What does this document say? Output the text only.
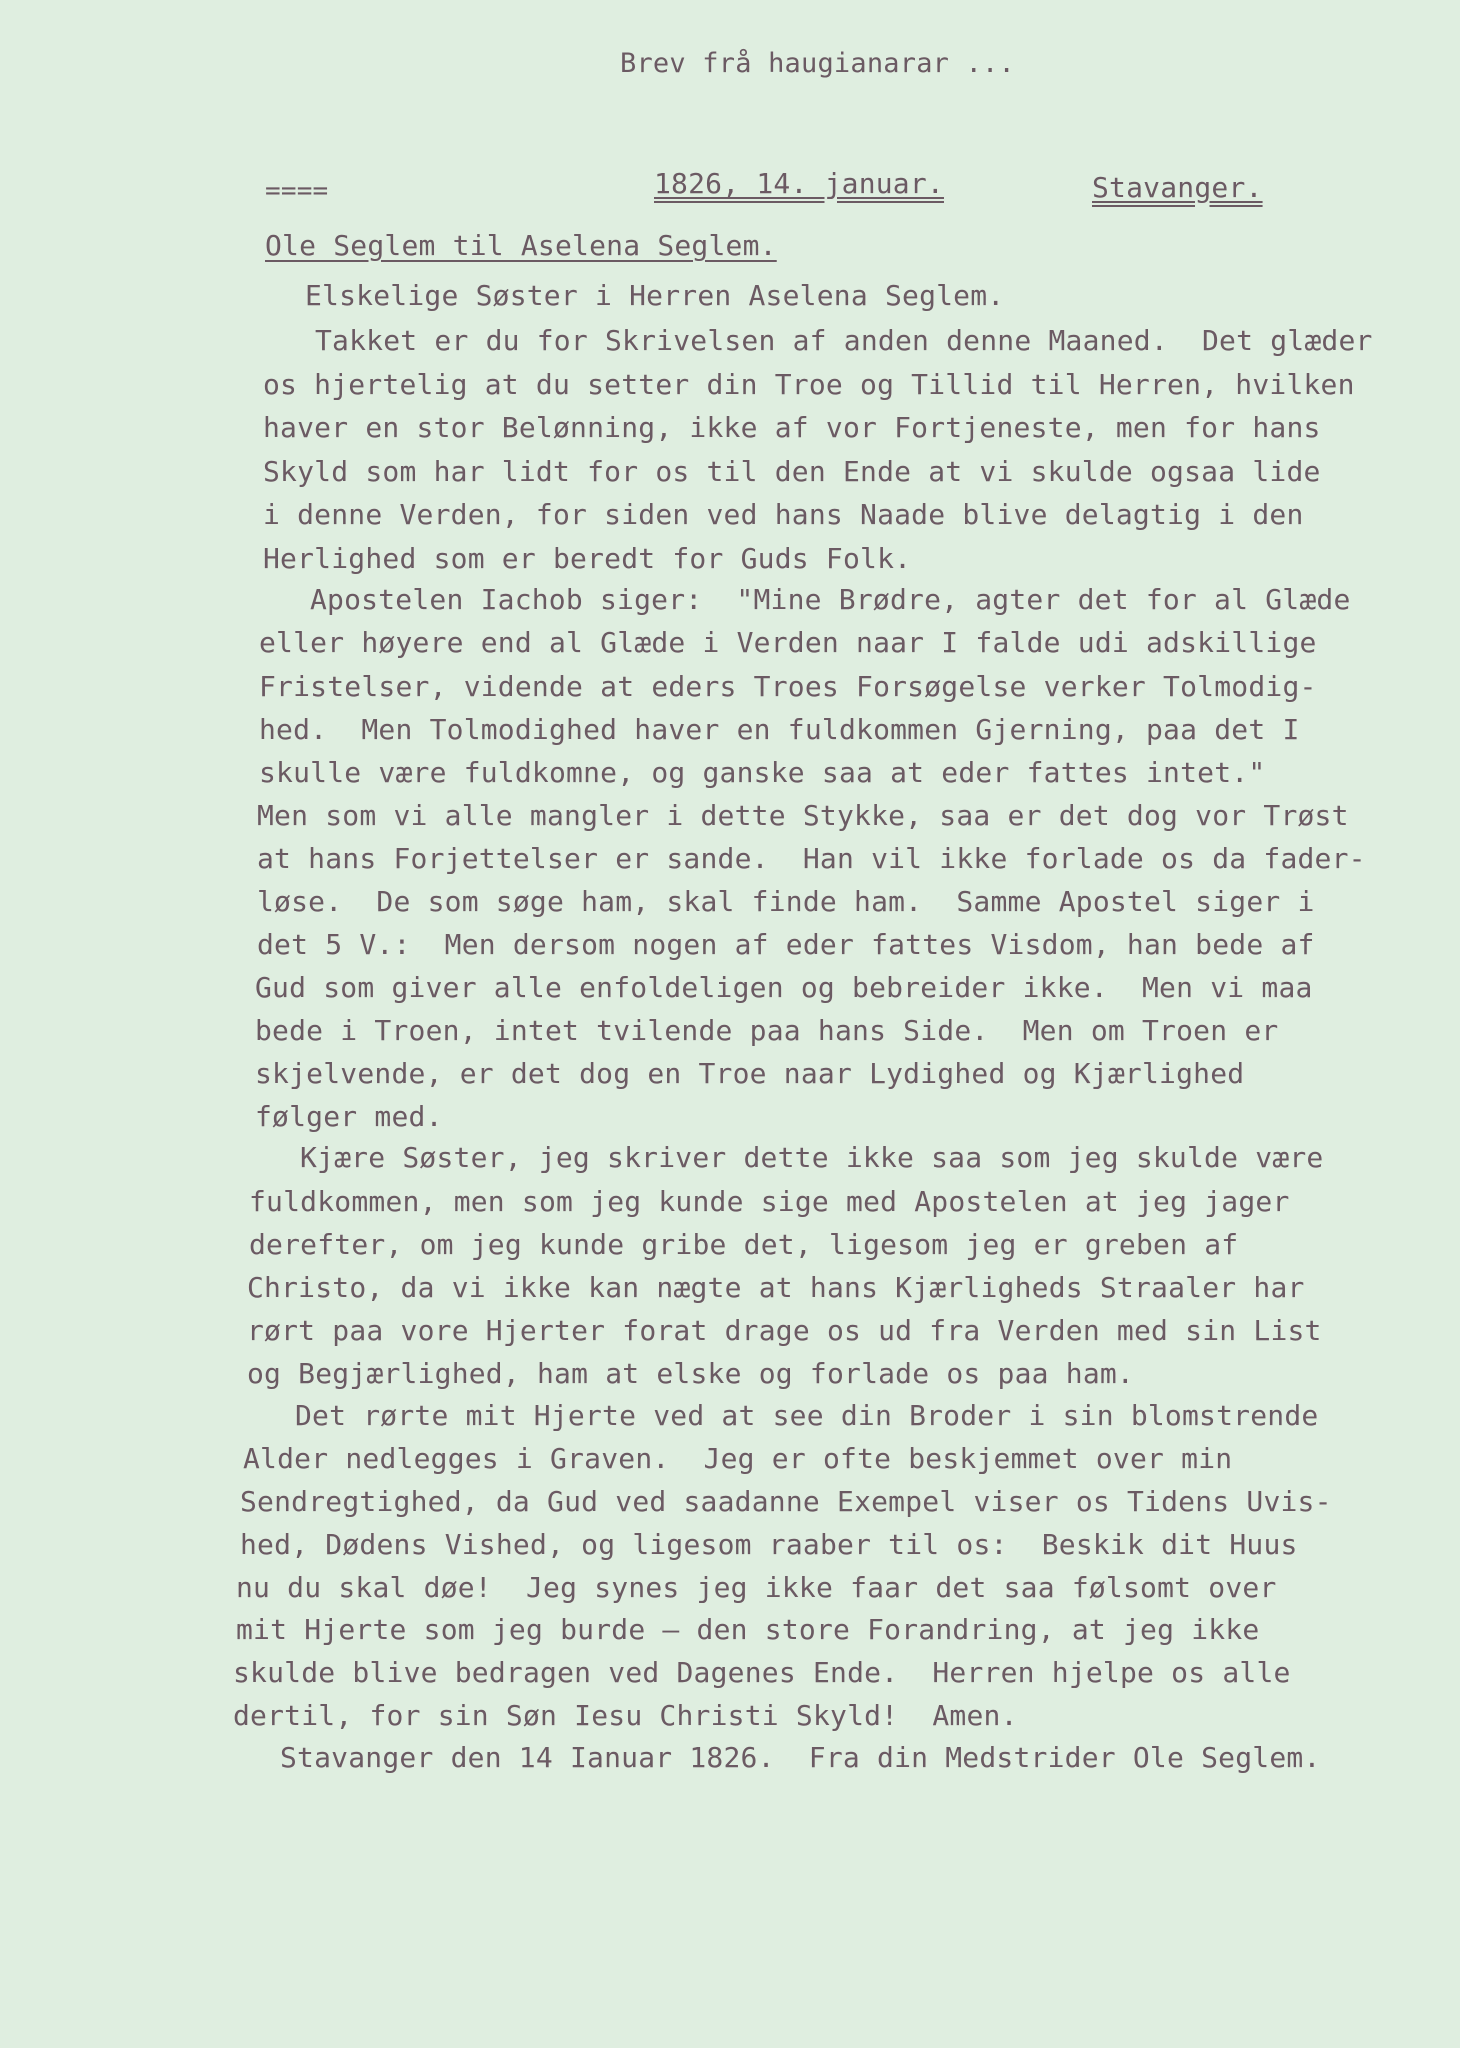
Brev frå haugianarar ...
====	1826, 14. januar.	Stavanger.
Ole Seglem til Aselena Seglem.
Elskelige Søster i Herren Aselena Seglem.
Takket er du for Skrivelsen af anden denne Maaned.  Det glæder
os hjertelig at du setter din Troe og Tillid til Herren, hvilken
haver en stor Belønning, ikke af vor Fortjeneste, men for hans
Skyld som har lidt for os til den Ende at vi skulde ogsaa lide
i denne Verden, for siden ved hans Naade blive delagtig i den
Herlighed som er beredt for Guds Folk.
Apostelen Iachob siger:  "Mine Brødre, agter det for al Glæde
eller høyere end al Glæde i Verden naar I falde udi adskillige
Fristelser, vidende at eders Troes Forsøgelse verker Tolmodig-
hed.  Men Tolmodighed haver en fuldkommen Gjerning, paa det I
skulle være fuldkomne, og ganske saa at eder fattes intet."
Men som vi alle mangler i dette Stykke, saa er det dog vor Trøst
at hans Forjettelser er sande.  Han vil ikke forlade os da fader-
løse.  De som søge ham, skal finde ham.  Samme Apostel siger i
det 5 V.:  Men dersom nogen af eder fattes Visdom, han bede af
Gud som giver alle enfoldeligen og bebreider ikke.  Men vi maa
bede i Troen, intet tvilende paa hans Side.  Men om Troen er
skjelvende, er det dog en Troe naar Lydighed og Kjærlighed
følger med.
Kjære Søster, jeg skriver dette ikke saa som jeg skulde være
fuldkommen, men som jeg kunde sige med Apostelen at jeg jager
derefter, om jeg kunde gribe det, ligesom jeg er greben af
Christo, da vi ikke kan nægte at hans Kjærligheds Straaler har
rørt paa vore Hjerter forat drage os ud fra Verden med sin List
og Begjærlighed, ham at elske og forlade os paa ham.
Det rørte mit Hjerte ved at see din Broder i sin blomstrende
Alder nedlegges i Graven.  Jeg er ofte beskjemmet over min
Sendregtighed, da Gud ved saadanne Exempel viser os Tidens Uvis-
hed, Dødens Vished, og ligesom raaber til os:  Beskik dit Huus
nu du skal døe!  Jeg synes jeg ikke faar det saa følsomt over
mit Hjerte som jeg burde — den store Forandring, at jeg ikke
skulde blive bedragen ved Dagenes Ende.  Herren hjelpe os alle
dertil, for sin Søn Iesu Christi Skyld!  Amen.
Stavanger den 14 Ianuar 1826.  Fra din Medstrider Ole Seglem.
